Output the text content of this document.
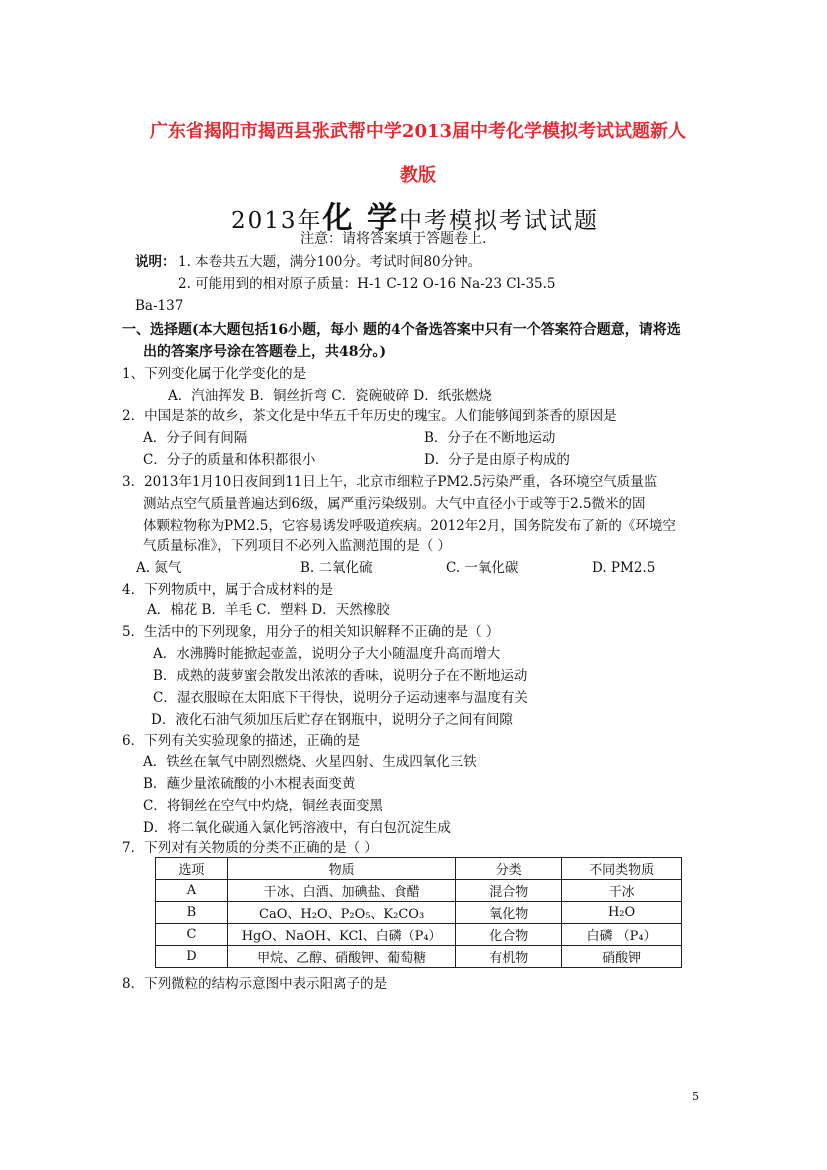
广东省揭阳市揭西县张武帮中学2013届中考化学模拟考试试题新人
教版
2013年化 学中考模拟考试试题
注意：请将答案填于答题卷上.
说明： 1. 本卷共五大题，满分100分。考试时间80分钟。
2. 可能用到的相对原子质量：H-1 C-12 O-16 Na-23 Cl-35.5
Ba-137
一、选择题(本大题包括16小题，每小 题的4个备选答案中只有一个答案符合题意，请将选
出的答案序号涂在答题卷上，共48分。)
1、下列变化属于化学变化的是
A．汽油挥发 B．铜丝折弯 C．瓷碗破碎 D．纸张燃烧
2．中国是茶的故乡，茶文化是中华五千年历史的瑰宝。人们能够闻到茶香的原因是
A．分子间有间隔	B．分子在不断地运动
C．分子的质量和体积都很小	D．分子是由原子构成的
3．2013年1月10日夜间到11日上午，北京市细粒子PM2.5污染严重，各环境空气质量监
测站点空气质量普遍达到6级，属严重污染级别。大气中直径小于或等于2.5微米的固
体颗粒物称为PM2.5，它容易诱发呼吸道疾病。2012年2月，国务院发布了新的《环境空
气质量标准》，下列项目不必列入监测范围的是（ ）
A. 氮气	B. 二氧化硫	C. 一氧化碳	D. PM2.5
4．下列物质中，属于合成材料的是
A．棉花 B．羊毛 C．塑料 D．天然橡胶
5．生活中的下列现象，用分子的相关知识解释不正确的是（ ）
A．水沸腾时能掀起壶盖，说明分子大小随温度升高而增大
B．成熟的菠萝蜜会散发出浓浓的香味，说明分子在不断地运动
C．湿衣服晾在太阳底下干得快，说明分子运动速率与温度有关
D．液化石油气须加压后贮存在钢瓶中，说明分子之间有间隙
6．下列有关实验现象的描述，正确的是
A．铁丝在氧气中剧烈燃烧、火星四射、生成四氧化三铁
B．蘸少量浓硫酸的小木棍表面变黄
C．将铜丝在空气中灼烧，铜丝表面变黑
D．将二氧化碳通入氯化钙溶液中，有白包沉淀生成
7．下列对有关物质的分类不正确的是（ ）
选项	物质	分类	不同类物质
A	干冰、白酒、加碘盐、食醋	混合物	干冰
B	CaO、H₂O、P₂O₅、K₂CO₃	氧化物	H₂O
C	HgO、NaOH、KCl、白磷（P₄）	化合物	白磷 （P₄）
D	甲烷、乙醇、硝酸钾、葡萄糖	有机物	硝酸钾
8．下列微粒的结构示意图中表示阳离子的是
5
